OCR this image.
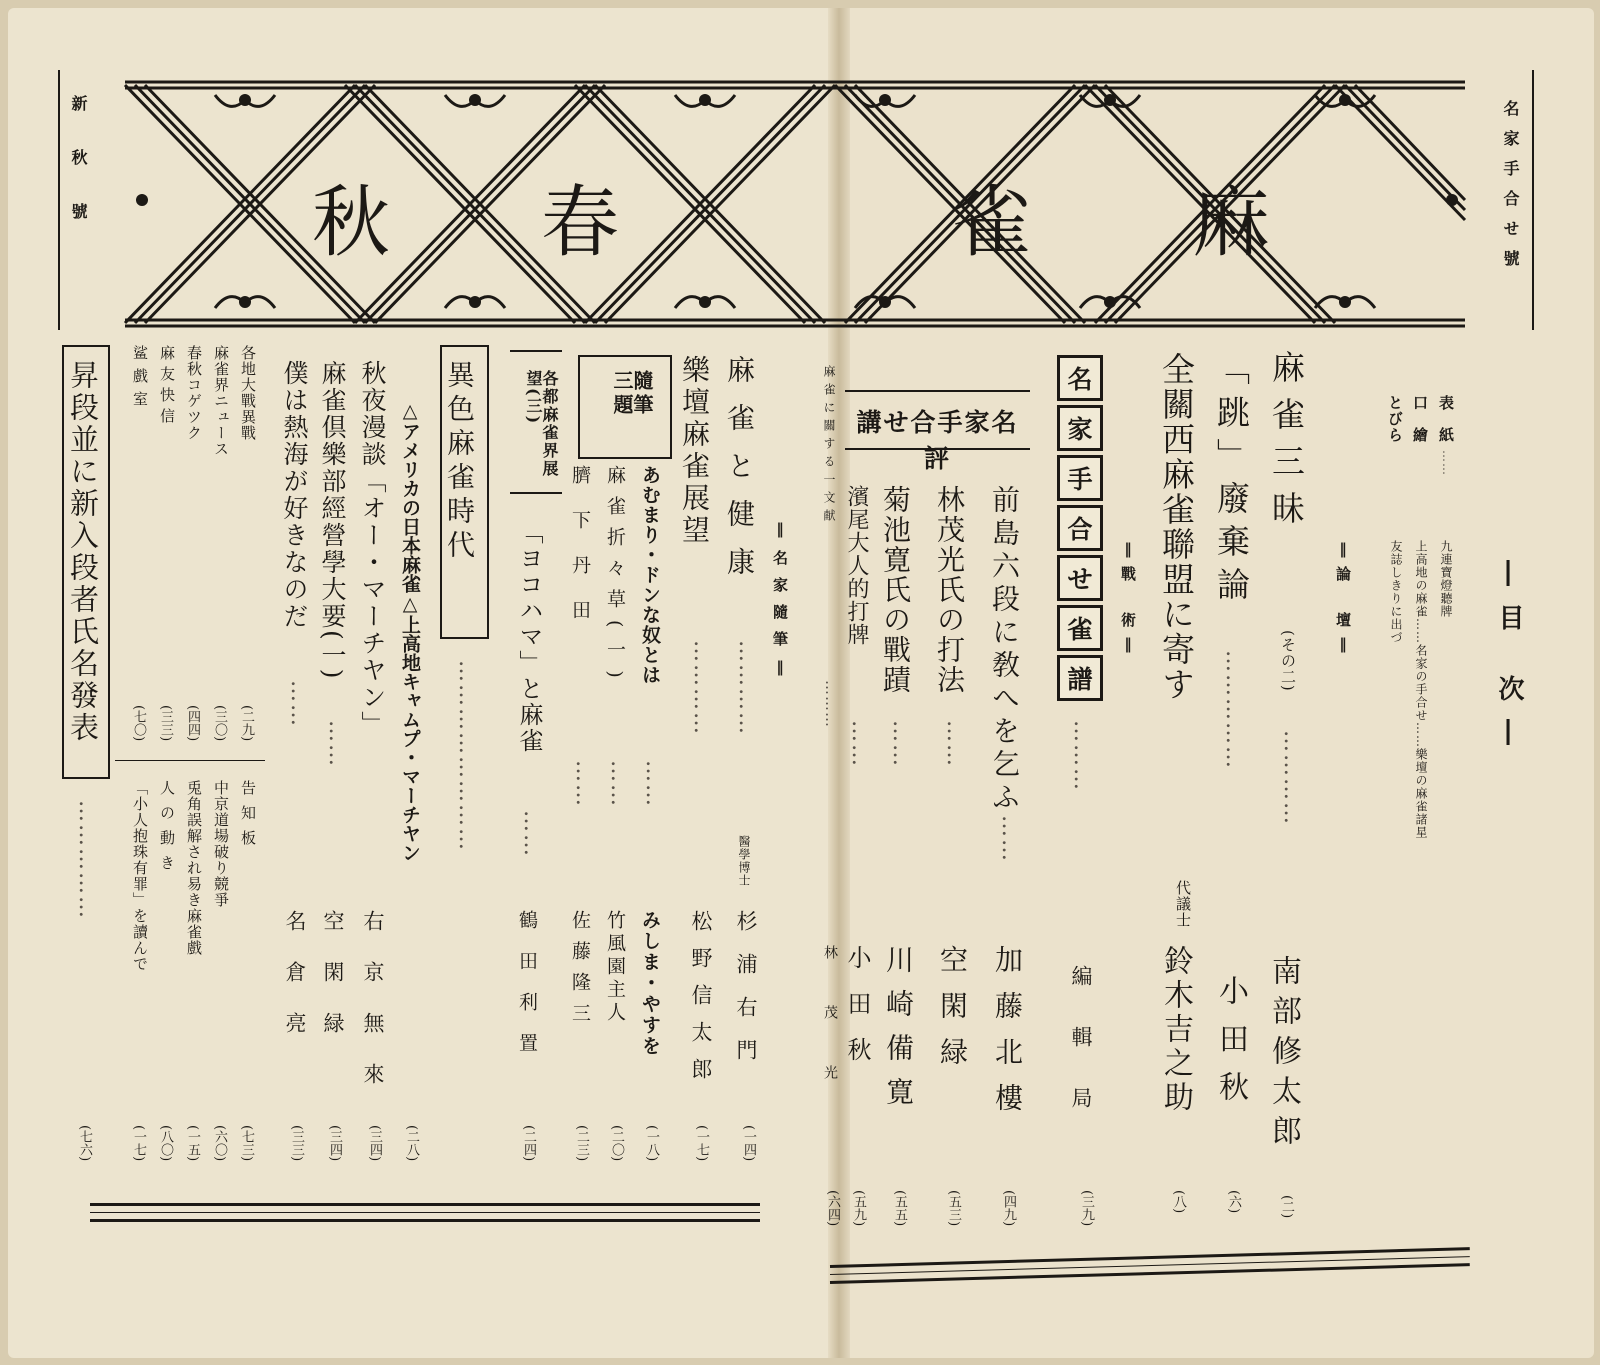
秋 春	雀 麻
新秋號	名家手合せ號
―目 次―
表　紙
……
九連寶燈聽牌
口　繪
上高地の麻雀……名家の手合せ……樂壇の麻雀諸星
とびら
友誌しきりに出づ
‖論　壇‖
麻雀三昧
(その二)
…………
南部修太郎
(二)
「跳」廢棄論
……………
小田秋
(六)
全關西麻雀聯盟に寄す
代議士
鈴木吉之助
(八)
‖戰　術‖
名
家
手
合
せ
雀
譜
………
編輯局
(三九)
名家手合せ講評
前島六段に敎へを乞ふ
……
加藤北樓
(四九)
林茂光氏の打法
……
空閑緑
(五三)
菊池寛氏の戰蹟
……
川崎備寛
(五五)
濱尾大人的打牌
……
小田秋
(五九)
麻雀に關する一文献
………
林茂光
(六四)
‖名家隨筆‖
麻雀と健康
…………
醫學博士
杉浦右門
(一四)
樂壇麻雀展望
…………
松野信太郎
(一七)
隨筆三題
あむまり・ドンな奴とは
……
みしま・やすを
(一八)
麻雀折々草(一)
……
竹風園主人
(二〇)
臍下丹田
……
佐藤隆三
(二三)
各都麻雀界展望(三)
「ヨコハマ」と麻雀
……
鶴田利置
(二四)
異色麻雀時代
……………………
△アメリカの日本麻雀△上高地キャムプ・マーチヤン
(二八)
秋夜漫談「オー・マーチヤン」
右京無來
(三四)
麻雀倶樂部經營學大要(一)
……
空閑緑
(三四)
僕は熱海が好きなのだ
……
名倉亮
(三三)
各地大戰異戰
(二九)
告知板
(七三)
麻雀界ニュース
(三〇)
中京道場破り競爭
(六〇)
春秋コゲツク
(四四)
兎角誤解され易き麻雀戲
(一五)
麻友快信
(三三)
人の動き
(八〇)
鲨戲室
(七〇)
「小人抱珠有罪」を讀んで
(一七)
昇段並に新入段者氏名發表
……………
(七六)
